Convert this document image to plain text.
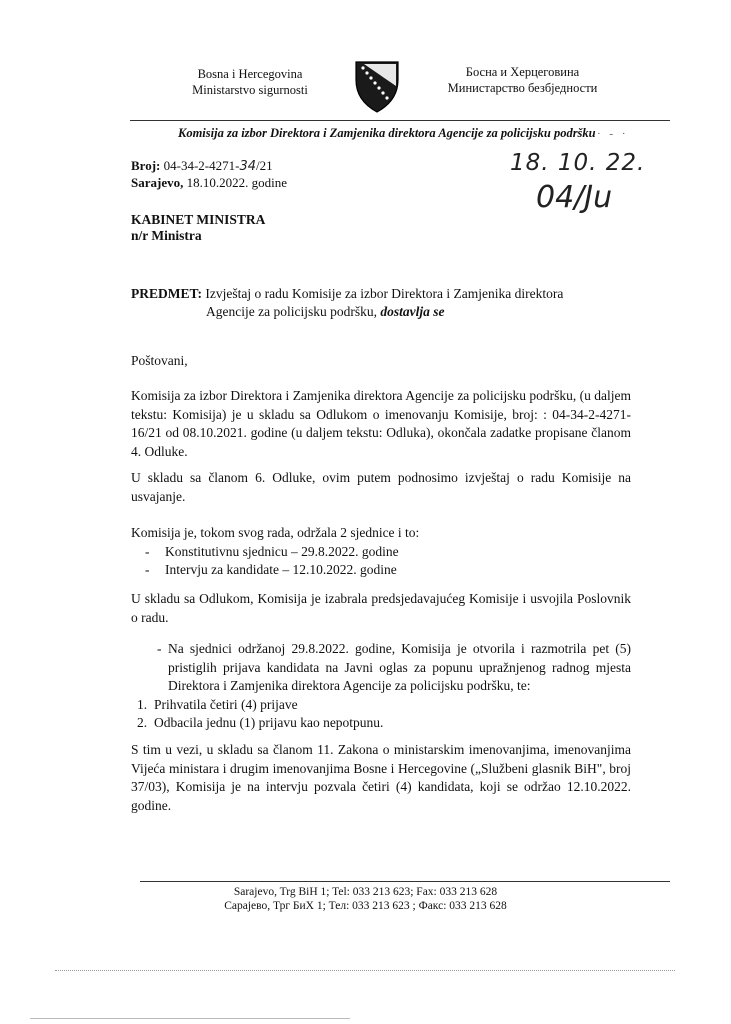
Bosna i Hercegovina
Ministarstvo sigurnosti
Босна и Херцеговина
Министарство безбједности
Komisija za izbor Direktora i Zamjenika direktora Agencije za policijsku podršku · - ·
Broj: 04-34-2-4271-34/21
Sarajevo, 18.10.2022. godine
18. 10. 22.
04/Ju
KABINET MINISTRA
n/r Ministra
PREDMET: Izvještaj o radu Komisije za izbor Direktora i Zamjenika direktora
Agencije za policijsku podršku, dostavlja se
Poštovani,
Komisija za izbor Direktora i Zamjenika direktora Agencije za policijsku podršku, (u daljem tekstu: Komisija) je u skladu sa Odlukom o imenovanju Komisije, broj: : 04-34-2-4271-16/21 od 08.10.2021. godine (u daljem tekstu: Odluka), okončala zadatke propisane članom 4. Odluke.
U skladu sa članom 6. Odluke, ovim putem podnosimo izvještaj o radu Komisije na usvajanje.
Komisija je, tokom svog rada, održala 2 sjednice i to:
- Konstitutivnu sjednicu – 29.8.2022. godine
- Intervju za kandidate – 12.10.2022. godine
U skladu sa Odlukom, Komisija je izabrala predsjedavajućeg Komisije i usvojila Poslovnik o radu.
- Na sjednici održanoj 29.8.2022. godine, Komisija je otvorila i razmotrila pet (5) pristiglih prijava kandidata na Javni oglas za popunu upražnjenog radnog mjesta Direktora i Zamjenika direktora Agencije za policijsku podršku, te:
1. Prihvatila četiri (4) prijave
2. Odbacila jednu (1) prijavu kao nepotpunu.
S tim u vezi, u skladu sa članom 11. Zakona o ministarskim imenovanjima, imenovanjima Vijeća ministara i drugim imenovanjima Bosne i Hercegovine („Službeni glasnik BiH", broj 37/03), Komisija je na intervju pozvala četiri (4) kandidata, koji se održao 12.10.2022. godine.
Sarajevo, Trg BiH 1; Tel: 033 213 623; Fax: 033 213 628
Сарајево, Трг БиХ 1; Тел: 033 213 623 ; Факс: 033 213 628
